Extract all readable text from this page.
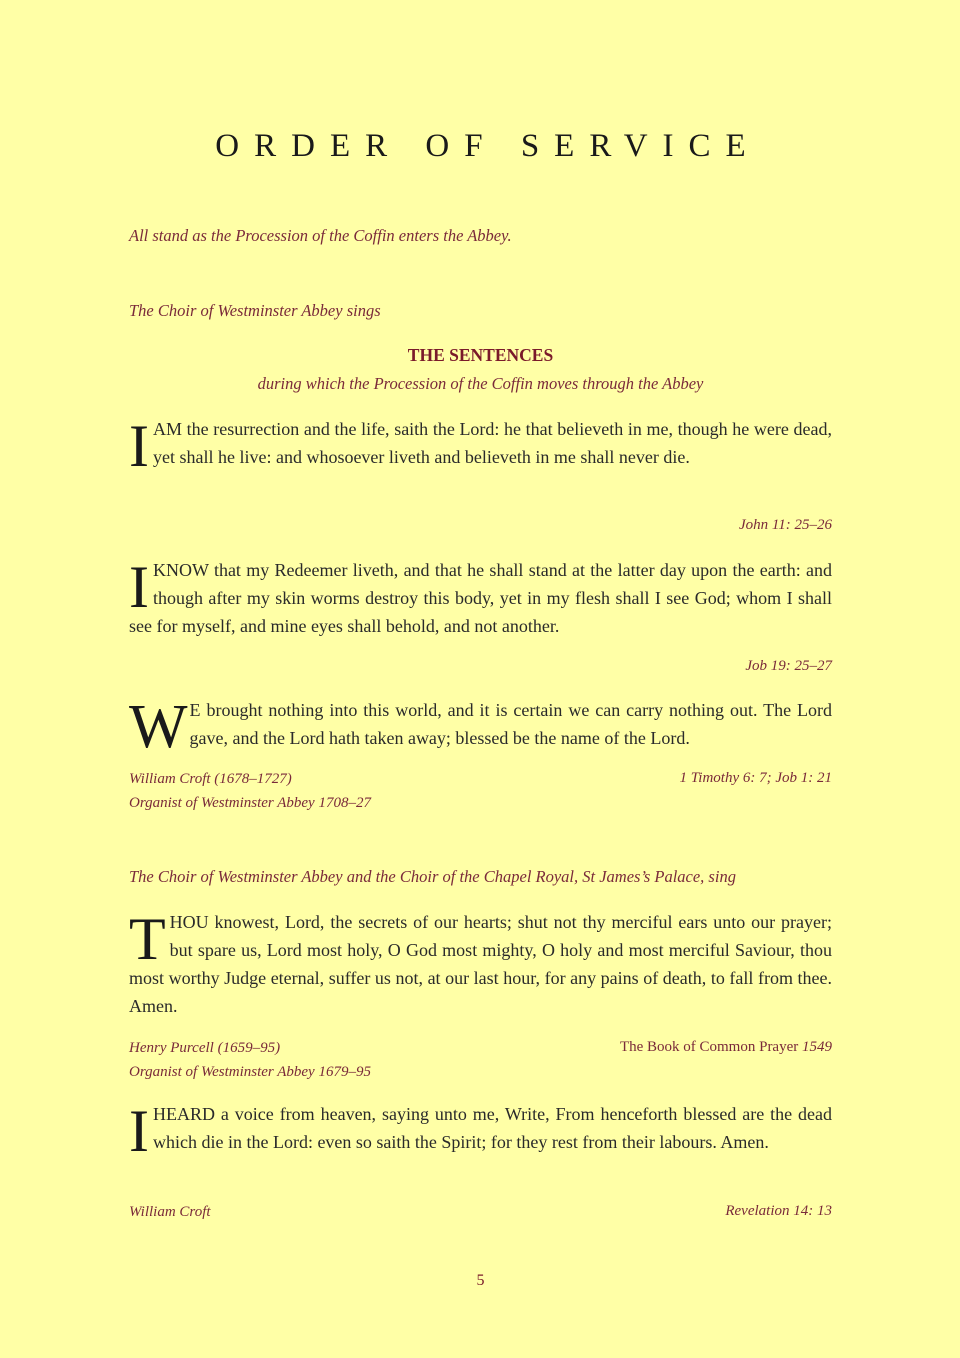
ORDER OF SERVICE
All stand as the Procession of the Coffin enters the Abbey.
The Choir of Westminster Abbey sings
THE SENTENCES
during which the Procession of the Coffin moves through the Abbey
I AM the resurrection and the life, saith the Lord: he that believeth in me, though he were dead, yet shall he live: and whosoever liveth and believeth in me shall never die.
John 11: 25–26
I KNOW that my Redeemer liveth, and that he shall stand at the latter day upon the earth: and though after my skin worms destroy this body, yet in my flesh shall I see God; whom I shall see for myself, and mine eyes shall behold, and not another.
Job 19: 25–27
W E brought nothing into this world, and it is certain we can carry nothing out. The Lord gave, and the Lord hath taken away; blessed be the name of the Lord.
William Croft (1678–1727)
Organist of Westminster Abbey 1708–27
1 Timothy 6: 7; Job 1: 21
The Choir of Westminster Abbey and the Choir of the Chapel Royal, St James’s Palace, sing
THOU knowest, Lord, the secrets of our hearts; shut not thy merciful ears unto our prayer; but spare us, Lord most holy, O God most mighty, O holy and most merciful Saviour, thou most worthy Judge eternal, suffer us not, at our last hour, for any pains of death, to fall from thee. Amen.
Henry Purcell (1659–95)
Organist of Westminster Abbey 1679–95
The Book of Common Prayer 1549
I HEARD a voice from heaven, saying unto me, Write, From henceforth blessed are the dead which die in the Lord: even so saith the Spirit; for they rest from their labours. Amen.
William Croft	Revelation 14: 13
5
